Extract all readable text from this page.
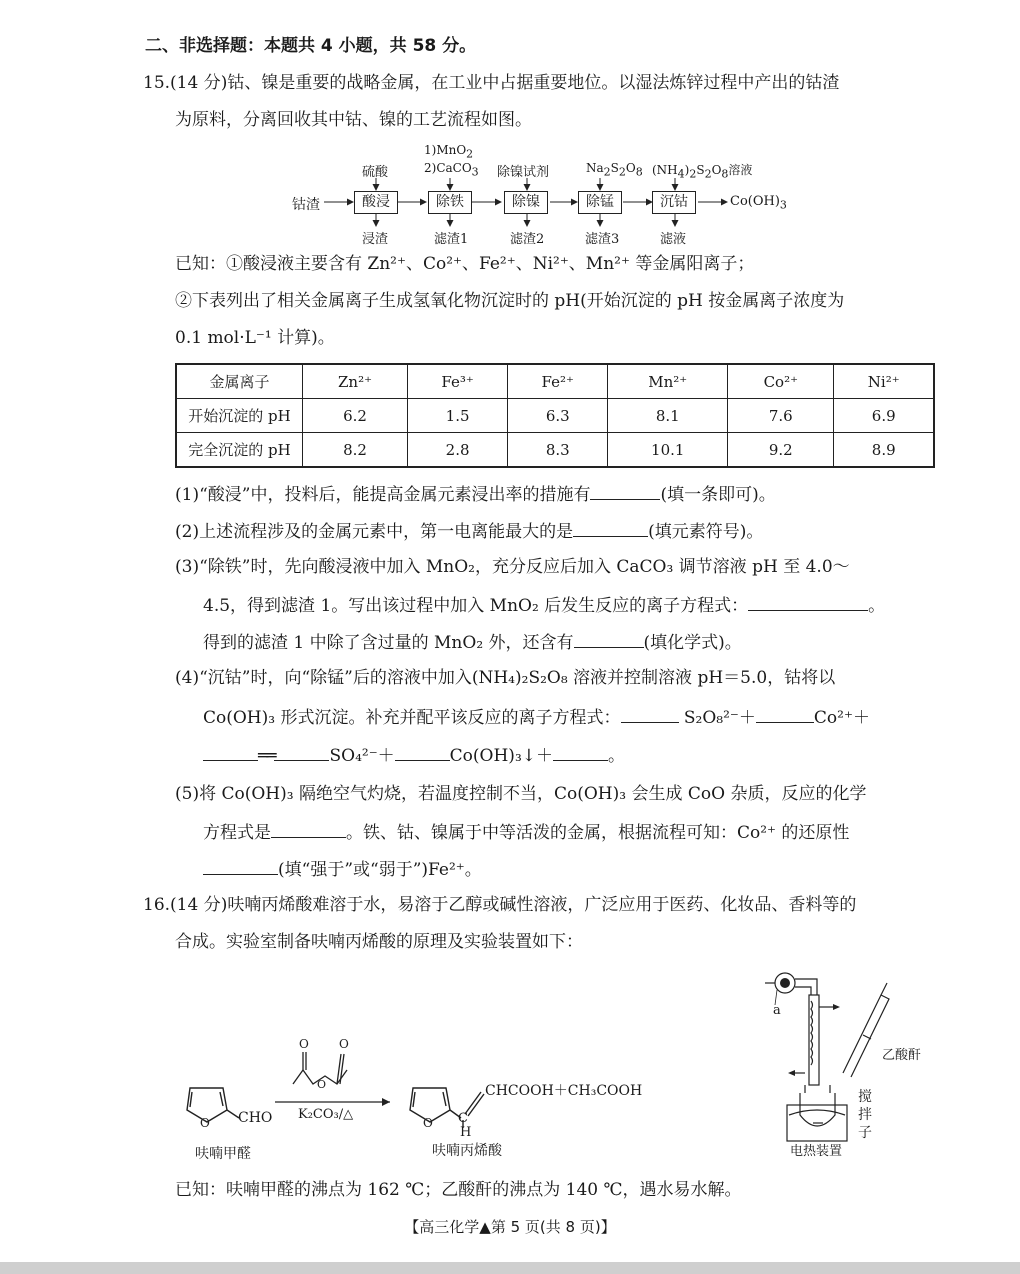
二、非选择题：本题共 4 小题，共 58 分。
15.(14 分)钴、镍是重要的战略金属，在工业中占据重要地位。以湿法炼锌过程中产出的钴渣
为原料，分离回收其中钴、镍的工艺流程如图。
钴渣	酸浸	除铁	除镍	除锰	沉钴	$Co(OH)_3$
硫酸
1)MnO$_2$
2)CaCO$_3$ 除镍试剂	$Na_2S_2O_8$ $(NH_4)_2S_2O_8$溶液
浸渣	滤渣1	滤渣2	滤渣3	滤液
已知：①酸浸液主要含有 Zn²⁺、Co²⁺、Fe²⁺、Ni²⁺、Mn²⁺ 等金属阳离子；
②下表列出了相关金属离子生成氢氧化物沉淀时的 pH(开始沉淀的 pH 按金属离子浓度为
0.1 mol·L⁻¹ 计算)。
金属离子	Zn²⁺	Fe³⁺	Fe²⁺	Mn²⁺	Co²⁺	Ni²⁺
开始沉淀的 pH	6.2	1.5	6.3	8.1	7.6	6.9
完全沉淀的 pH	8.2	2.8	8.3	10.1	9.2	8.9
(1)“酸浸”中，投料后，能提高金属元素浸出率的措施有	(填一条即可)。
(2)上述流程涉及的金属元素中，第一电离能最大的是	(填元素符号)。
(3)“除铁”时，先向酸浸液中加入 MnO₂，充分反应后加入 CaCO₃ 调节溶液 pH 至 4.0～
4.5，得到滤渣 1。写出该过程中加入 MnO₂ 后发生反应的离子方程式：	。
得到的滤渣 1 中除了含过量的 MnO₂ 外，还含有	(填化学式)。
(4)“沉钴”时，向“除锰”后的溶液中加入(NH₄)₂S₂O₈ 溶液并控制溶液 pH＝5.0，钴将以
Co(OH)₃ 形式沉淀。补充并配平该反应的离子方程式：	S₂O₈²⁻＋	Co²⁺＋
══	SO₄²⁻＋	Co(OH)₃↓＋	。
(5)将 Co(OH)₃ 隔绝空气灼烧，若温度控制不当，Co(OH)₃ 会生成 CoO 杂质，反应的化学
方程式是	。铁、钴、镍属于中等活泼的金属，根据流程可知：Co²⁺ 的还原性
(填“强于”或“弱于”)Fe²⁺。
16.(14 分)呋喃丙烯酸难溶于水，易溶于乙醇或碱性溶液，广泛应用于医药、化妆品、香料等的
合成。实验室制备呋喃丙烯酸的原理及实验装置如下：
O
O	O
O
O
CHO K₂CO₃/△
CHCOOH＋CH₃COOH
C
H
呋喃甲醛	呋喃丙烯酸
a
乙酸酐
搅
拌
子
电热装置
已知：呋喃甲醛的沸点为 162 ℃；乙酸酐的沸点为 140 ℃，遇水易水解。
【高三化学▲第 5 页(共 8 页)】
